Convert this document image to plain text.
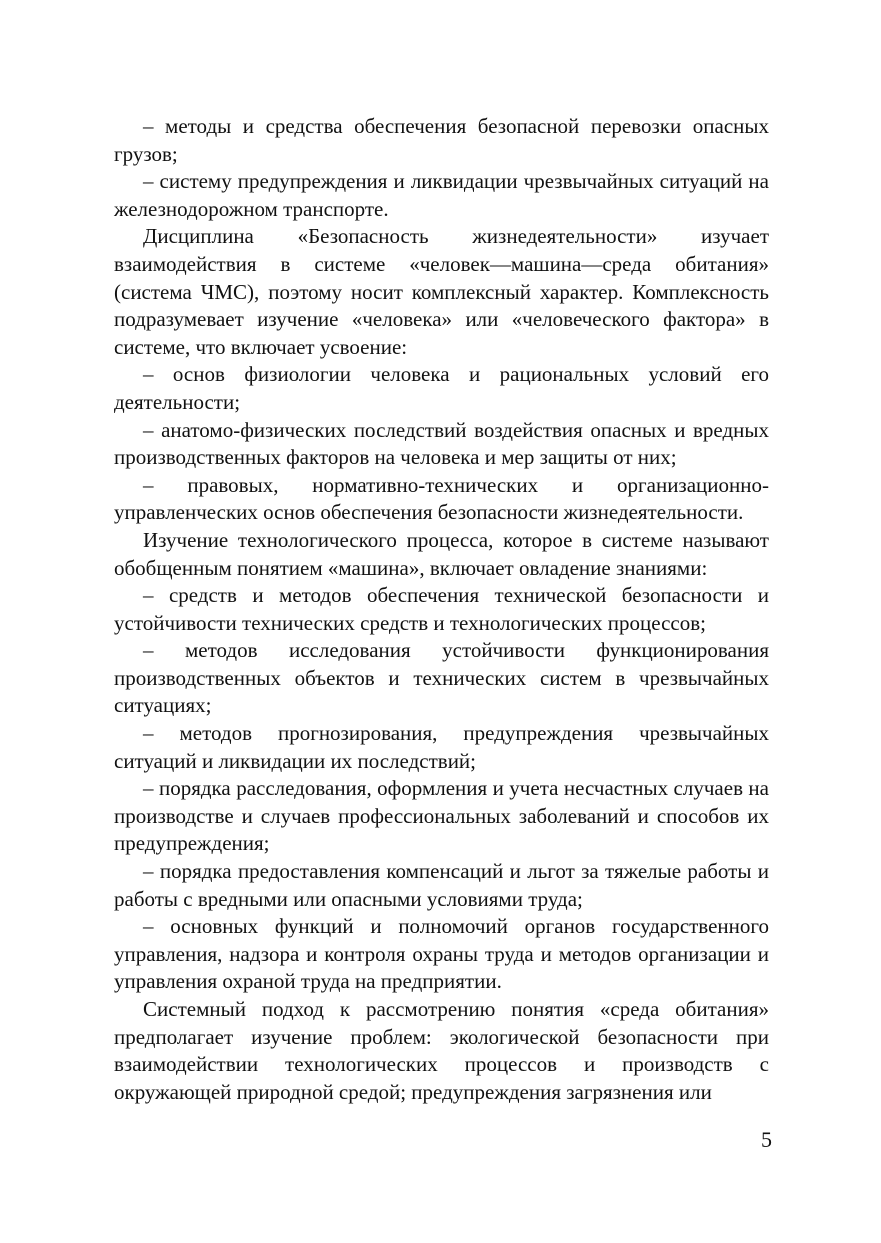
– методы и средства обеспечения безопасной перевозки опасных грузов;

– систему предупреждения и ликвидации чрезвычайных ситуаций на железнодорожном транспорте.

Дисциплина «Безопасность жизнедеятельности» изучает взаимодействия в системе «человек—машина—среда обитания» (система ЧМС), поэтому носит комплексный характер. Комплексность подразумевает изучение «человека» или «человеческого фактора» в системе, что включает усвоение:

– основ физиологии человека и рациональных условий его деятельности;

– анатомо-физических последствий воздействия опасных и вредных производственных факторов на человека и мер защиты от них;

– правовых, нормативно-технических и организационно-управленческих основ обеспечения безопасности жизнедеятельности.

Изучение технологического процесса, которое в системе называют обобщенным понятием «машина», включает овладение знаниями:

– средств и методов обеспечения технической безопасности и устойчивости технических средств и технологических процессов;

– методов исследования устойчивости функционирования производственных объектов и технических систем в чрезвычайных ситуациях;

– методов прогнозирования, предупреждения чрезвычайных ситуаций и ликвидации их последствий;

– порядка расследования, оформления и учета несчастных случаев на производстве и случаев профессиональных заболеваний и способов их предупреждения;

– порядка предоставления компенсаций и льгот за тяжелые работы и работы с вредными или опасными условиями труда;

– основных функций и полномочий органов государственного управления, надзора и контроля охраны труда и методов организации и управления охраной труда на предприятии.

Системный подход к рассмотрению понятия «среда обитания» предполагает изучение проблем: экологической безопасности при взаимодействии технологических процессов и производств с окружающей природной средой; предупреждения загрязнения или

5
